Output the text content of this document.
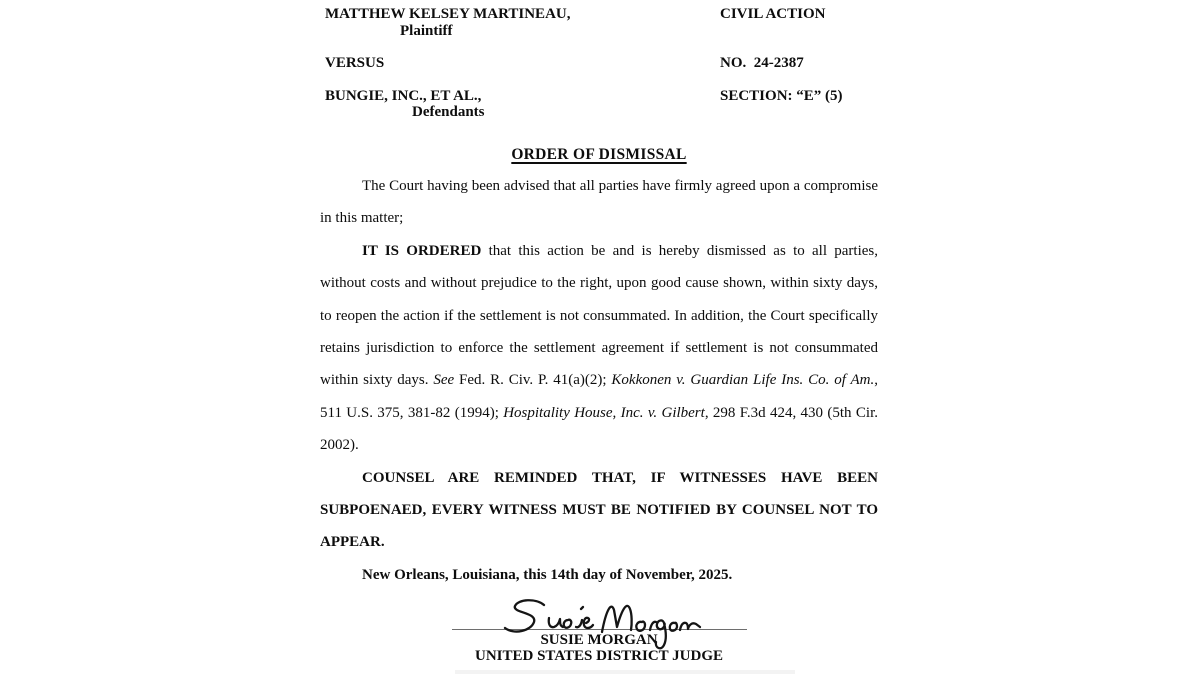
MATTHEW KELSEY MARTINEAU,
Plaintiff
CIVIL ACTION
VERSUS	NO.  24-2387
BUNGIE, INC., ET AL.,	SECTION: “E” (5)
Defendants
ORDER OF DISMISSAL

The Court having been advised that all parties have firmly agreed upon a compromise in this matter;

IT IS ORDERED that this action be and is hereby dismissed as to all parties, without costs and without prejudice to the right, upon good cause shown, within sixty days, to reopen the action if the settlement is not consummated. In addition, the Court specifically retains jurisdiction to enforce the settlement agreement if settlement is not consummated within sixty days. See Fed. R. Civ. P. 41(a)(2); Kokkonen v. Guardian Life Ins. Co. of Am., 511 U.S. 375, 381-82 (1994); Hospitality House, Inc. v. Gilbert, 298 F.3d 424, 430 (5th Cir. 2002).

COUNSEL ARE REMINDED THAT, IF WITNESSES HAVE BEEN SUBPOENAED, EVERY WITNESS MUST BE NOTIFIED BY COUNSEL NOT TO APPEAR.

New Orleans, Louisiana, this 14th day of November, 2025.

SUSIE MORGAN
UNITED STATES DISTRICT JUDGE
